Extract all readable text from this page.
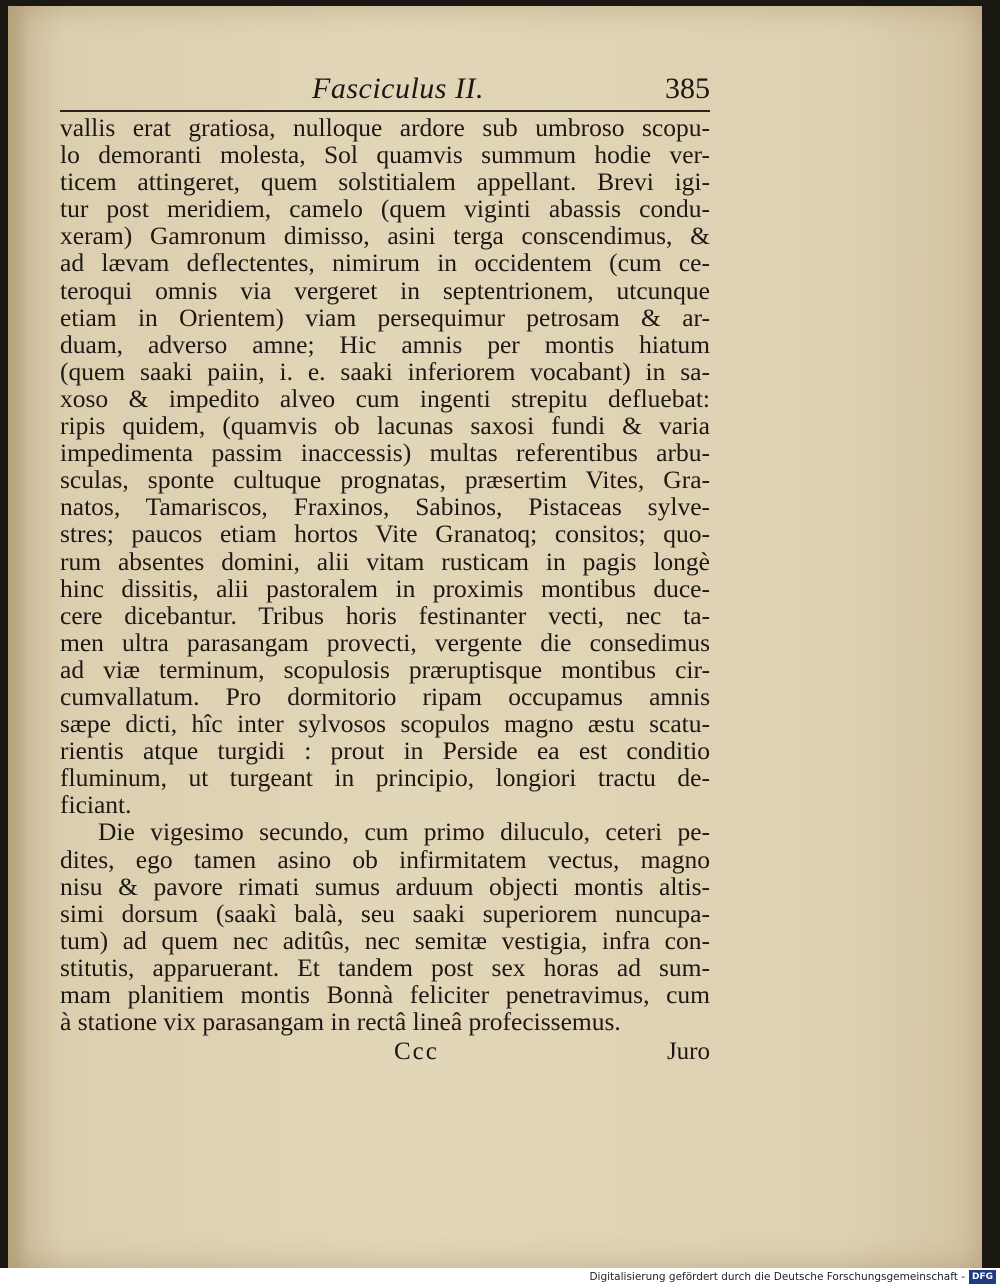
Fasciculus II.	385
vallis erat gratiosa, nulloque ardore sub umbroso scopu-
lo demoranti molesta, Sol quamvis summum hodie ver-
ticem attingeret, quem solstitialem appellant. Brevi igi-
tur post meridiem, camelo (quem viginti abassis condu-
xeram) Gamronum dimisso, asini terga conscendimus, &
ad lævam deflectentes, nimirum in occidentem (cum ce-
teroqui omnis via vergeret in septentrionem, utcunque
etiam in Orientem) viam persequimur petrosam & ar-
duam, adverso amne; Hic amnis per montis hiatum
(quem saaki paiin, i. e. saaki inferiorem vocabant) in sa-
xoso & impedito alveo cum ingenti strepitu defluebat:
ripis quidem, (quamvis ob lacunas saxosi fundi & varia
impedimenta passim inaccessis) multas referentibus arbu-
sculas, sponte cultuque prognatas, præsertim Vites, Gra-
natos, Tamariscos, Fraxinos, Sabinos, Pistaceas sylve-
stres; paucos etiam hortos Vite Granatoq; consitos; quo-
rum absentes domini, alii vitam rusticam in pagis longè
hinc dissitis, alii pastoralem in proximis montibus duce-
cere dicebantur. Tribus horis festinanter vecti, nec ta-
men ultra parasangam provecti, vergente die consedimus
ad viæ terminum, scopulosis præruptisque montibus cir-
cumvallatum. Pro dormitorio ripam occupamus amnis
sæpe dicti, hîc inter sylvosos scopulos magno æstu scatu-
rientis atque turgidi : prout in Perside ea est conditio
fluminum, ut turgeant in principio, longiori tractu de-
ficiant.
Die vigesimo secundo, cum primo diluculo, ceteri pe-
dites, ego tamen asino ob infirmitatem vectus, magno
nisu & pavore rimati sumus arduum objecti montis altis-
simi dorsum (saakì balà, seu saaki superiorem nuncupa-
tum) ad quem nec aditûs, nec semitæ vestigia, infra con-
stitutis, apparuerant. Et tandem post sex horas ad sum-
mam planitiem montis Bonnà feliciter penetravimus, cum
à statione vix parasangam in rectâ lineâ profecissemus.
Ccc	Juro
Digitalisierung gefördert durch die Deutsche Forschungsgemeinschaft - DFG
